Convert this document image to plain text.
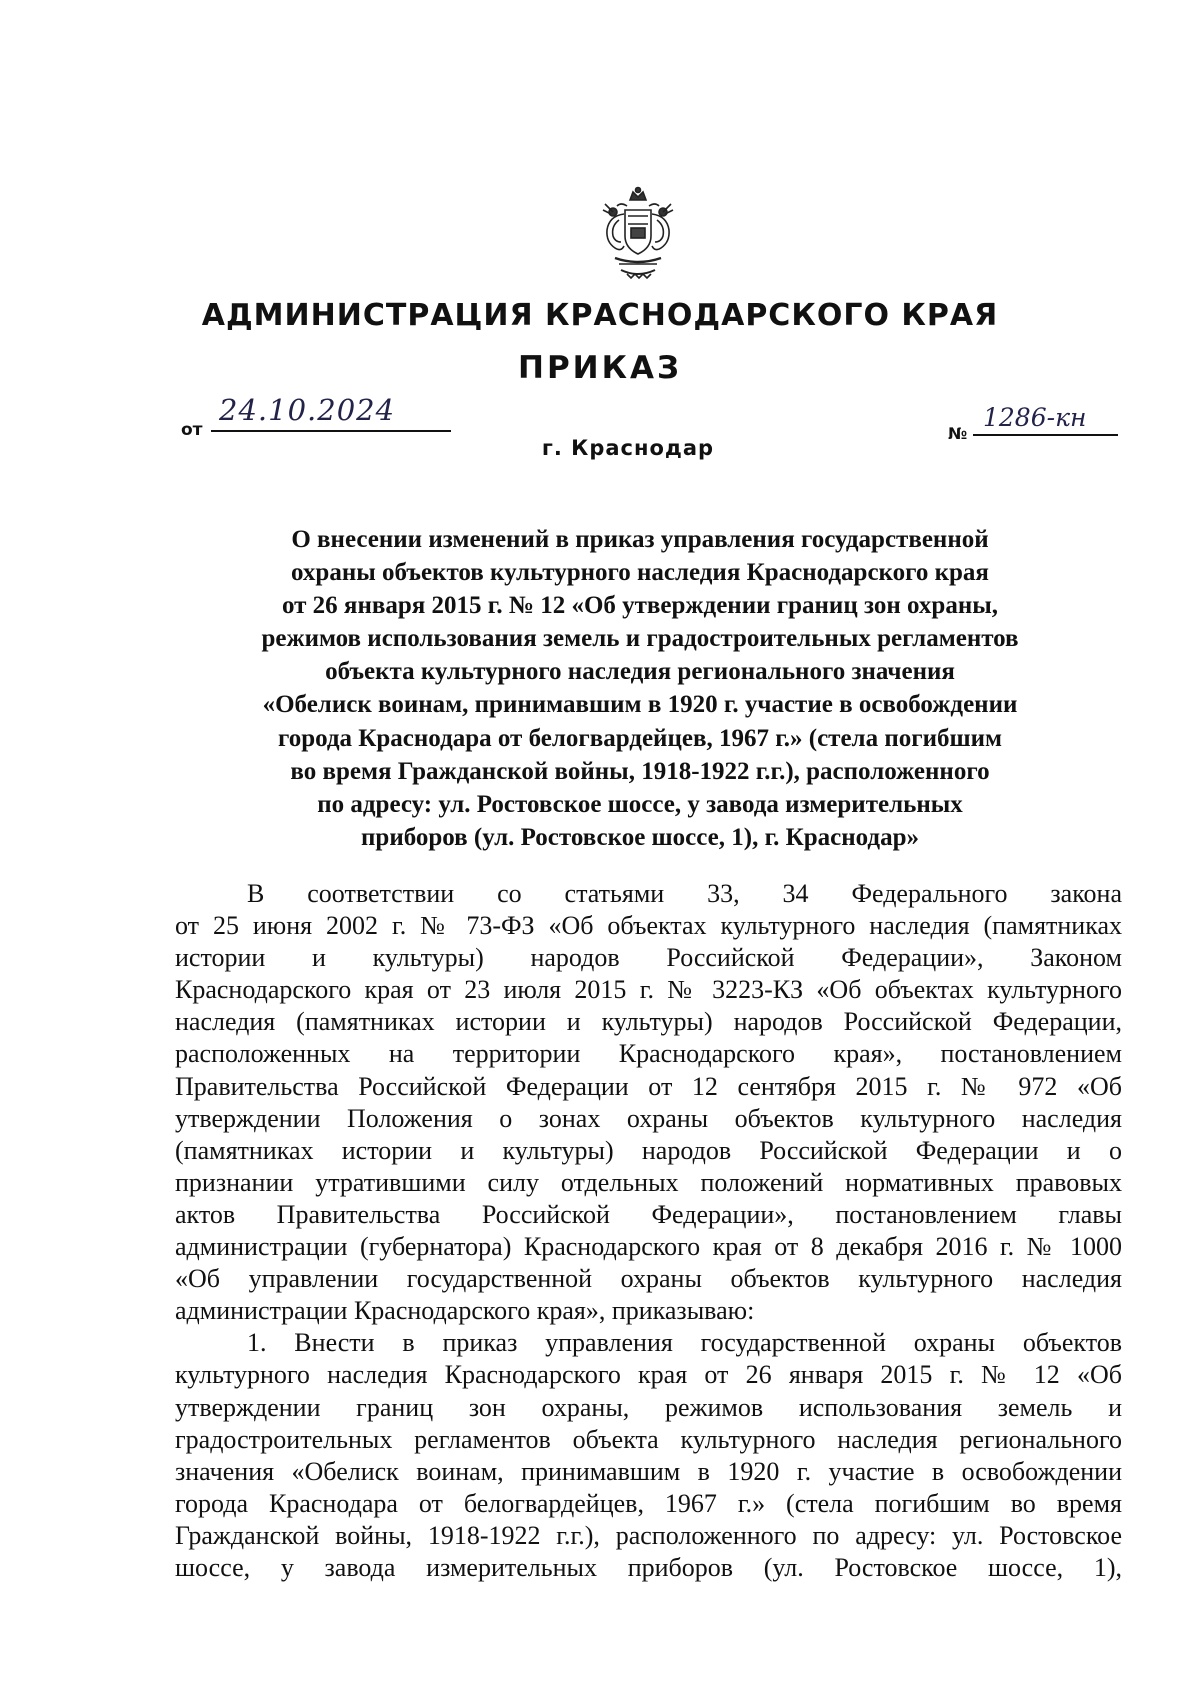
АДМИНИСТРАЦИЯ КРАСНОДАРСКОГО КРАЯ
ПРИКАЗ
от
24.10.2024
№
1286-кн
г. Краснодар
О внесении изменений в приказ управления государственной
охраны объектов культурного наследия Краснодарского края
от 26 января 2015 г. № 12 «Об утверждении границ зон охраны,
режимов использования земель и градостроительных регламентов
объекта культурного наследия регионального значения
«Обелиск воинам, принимавшим в 1920 г. участие в освобождении
города Краснодара от белогвардейцев, 1967 г.» (стела погибшим
во время Гражданской войны, 1918-1922 г.г.), расположенного
по адресу: ул. Ростовское шоссе, у завода измерительных
приборов (ул. Ростовское шоссе, 1), г. Краснодар»
В соответствии со статьями 33, 34 Федерального закона
от 25 июня 2002 г. № 73-ФЗ «Об объектах культурного наследия (памятниках
истории и культуры) народов Российской Федерации», Законом
Краснодарского края от 23 июля 2015 г. № 3223-КЗ «Об объектах культурного
наследия (памятниках истории и культуры) народов Российской Федерации,
расположенных на территории Краснодарского края», постановлением
Правительства Российской Федерации от 12 сентября 2015 г. № 972 «Об
утверждении Положения о зонах охраны объектов культурного наследия
(памятниках истории и культуры) народов Российской Федерации и о
признании утратившими силу отдельных положений нормативных правовых
актов Правительства Российской Федерации», постановлением главы
администрации (губернатора) Краснодарского края от 8 декабря 2016 г. № 1000
«Об управлении государственной охраны объектов культурного наследия
администрации Краснодарского края», приказываю:
1. Внести в приказ управления государственной охраны объектов
культурного наследия Краснодарского края от 26 января 2015 г. № 12 «Об
утверждении границ зон охраны, режимов использования земель и
градостроительных регламентов объекта культурного наследия регионального
значения «Обелиск воинам, принимавшим в 1920 г. участие в освобождении
города Краснодара от белогвардейцев, 1967 г.» (стела погибшим во время
Гражданской войны, 1918-1922 г.г.), расположенного по адресу: ул. Ростовское
шоссе, у завода измерительных приборов (ул. Ростовское шоссе, 1),
